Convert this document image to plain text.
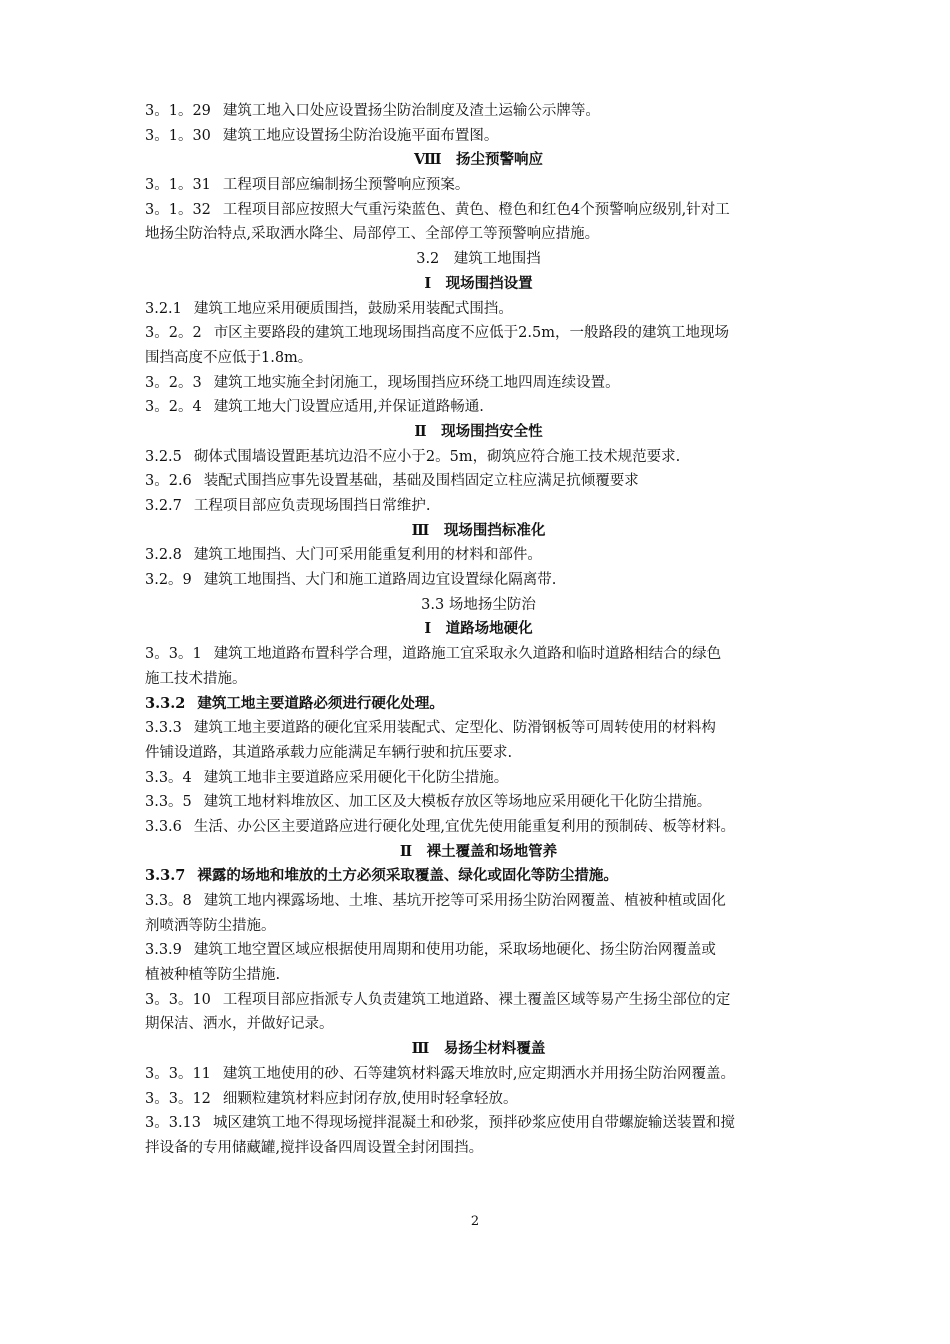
3。1。29 建筑工地入口处应设置扬尘防治制度及渣土运输公示牌等。
3。1。30 建筑工地应设置扬尘防治设施平面布置图。
Ⅷ　扬尘预警响应
3。1。31 工程项目部应编制扬尘预警响应预案。
3。1。32 工程项目部应按照大气重污染蓝色、黄色、橙色和红色4个预警响应级别,针对工
地扬尘防治特点,采取洒水降尘、局部停工、全部停工等预警响应措施。
3.2　建筑工地围挡
Ⅰ　现场围挡设置
3.2.1 建筑工地应采用硬质围挡，鼓励采用装配式围挡。
3。2。2 市区主要路段的建筑工地现场围挡高度不应低于2.5m，一般路段的建筑工地现场
围挡高度不应低于1.8m。
3。2。3 建筑工地实施全封闭施工，现场围挡应环绕工地四周连续设置。
3。2。4 建筑工地大门设置应适用,并保证道路畅通.
Ⅱ　现场围挡安全性
3.2.5 砌体式围墙设置距基坑边沿不应小于2。5m，砌筑应符合施工技术规范要求.
3。2.6 装配式围挡应事先设置基础，基础及围档固定立柱应满足抗倾覆要求
3.2.7 工程项目部应负责现场围挡日常维护.
Ⅲ　现场围挡标准化
3.2.8 建筑工地围挡、大门可采用能重复利用的材料和部件。
3.2。9 建筑工地围挡、大门和施工道路周边宜设置绿化隔离带.
3.3 场地扬尘防治
Ⅰ　道路场地硬化
3。3。1 建筑工地道路布置科学合理，道路施工宜采取永久道路和临时道路相结合的绿色
施工技术措施。
3.3.2 建筑工地主要道路必须进行硬化处理。
3.3.3 建筑工地主要道路的硬化宜采用装配式、定型化、防滑钢板等可周转使用的材料构
件铺设道路，其道路承载力应能满足车辆行驶和抗压要求.
3.3。4 建筑工地非主要道路应采用硬化干化防尘措施。
3.3。5 建筑工地材料堆放区、加工区及大模板存放区等场地应采用硬化干化防尘措施。
3.3.6 生活、办公区主要道路应进行硬化处理,宜优先使用能重复利用的预制砖、板等材料。
Ⅱ　裸土覆盖和场地管养
3.3.7 裸露的场地和堆放的土方必须采取覆盖、绿化或固化等防尘措施。
3.3。8 建筑工地内裸露场地、土堆、基坑开挖等可采用扬尘防治网覆盖、植被种植或固化
剂喷洒等防尘措施。
3.3.9 建筑工地空置区域应根据使用周期和使用功能，采取场地硬化、扬尘防治网覆盖或
植被种植等防尘措施.
3。3。10 工程项目部应指派专人负责建筑工地道路、裸土覆盖区域等易产生扬尘部位的定
期保洁、洒水，并做好记录。
Ⅲ　易扬尘材料覆盖
3。3。11 建筑工地使用的砂、石等建筑材料露天堆放时,应定期洒水并用扬尘防治网覆盖。
3。3。12 细颗粒建筑材料应封闭存放,使用时轻拿轻放。
3。3.13 城区建筑工地不得现场搅拌混凝土和砂浆，预拌砂浆应使用自带螺旋输送装置和搅
拌设备的专用储藏罐,搅拌设备四周设置全封闭围挡。
2
